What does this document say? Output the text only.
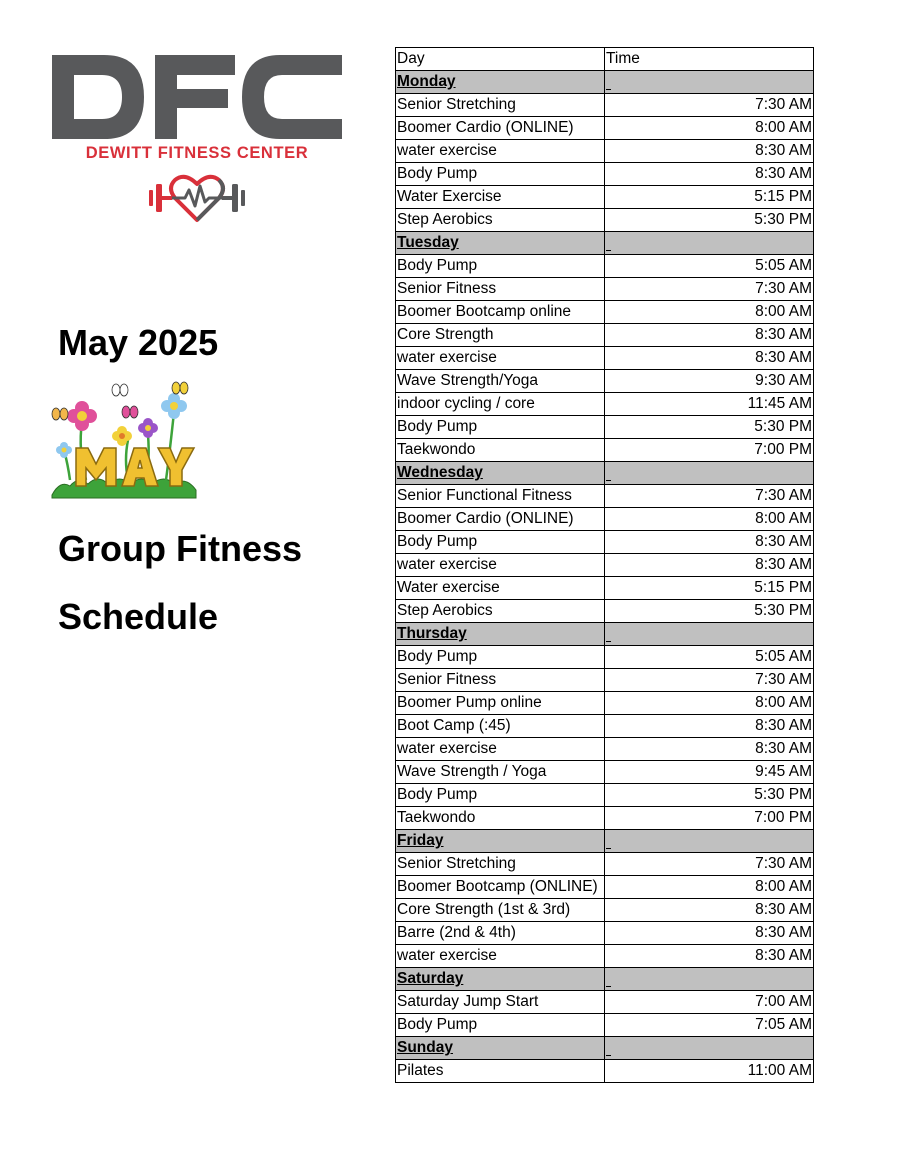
DEWITT FITNESS CENTER
May 2025
Group Fitness
Schedule
Day	Time
Monday	
Senior Stretching	7:30 AM
Boomer Cardio (ONLINE)	8:00 AM
water exercise	8:30 AM
Body Pump	8:30 AM
Water Exercise	5:15 PM
Step Aerobics	5:30 PM
Tuesday	
Body Pump	5:05 AM
Senior Fitness	7:30 AM
Boomer Bootcamp online	8:00 AM
Core Strength	8:30 AM
water exercise	8:30 AM
Wave Strength/Yoga	9:30 AM
indoor cycling / core	11:45 AM
Body Pump	5:30 PM
Taekwondo	7:00 PM
Wednesday	
Senior Functional Fitness	7:30 AM
Boomer Cardio (ONLINE)	8:00 AM
Body Pump	8:30 AM
water exercise	8:30 AM
Water exercise	5:15 PM
Step Aerobics	5:30 PM
Thursday	
Body Pump	5:05 AM
Senior Fitness	7:30 AM
Boomer Pump online	8:00 AM
Boot Camp (:45)	8:30 AM
water exercise	8:30 AM
Wave Strength / Yoga	9:45 AM
Body Pump	5:30 PM
Taekwondo	7:00 PM
Friday	
Senior Stretching	7:30 AM
Boomer Bootcamp (ONLINE)	8:00 AM
Core Strength (1st & 3rd)	8:30 AM
Barre (2nd & 4th)	8:30 AM
water exercise	8:30 AM
Saturday	
Saturday Jump Start	7:00 AM
Body Pump	7:05 AM
Sunday	
Pilates	11:00 AM
